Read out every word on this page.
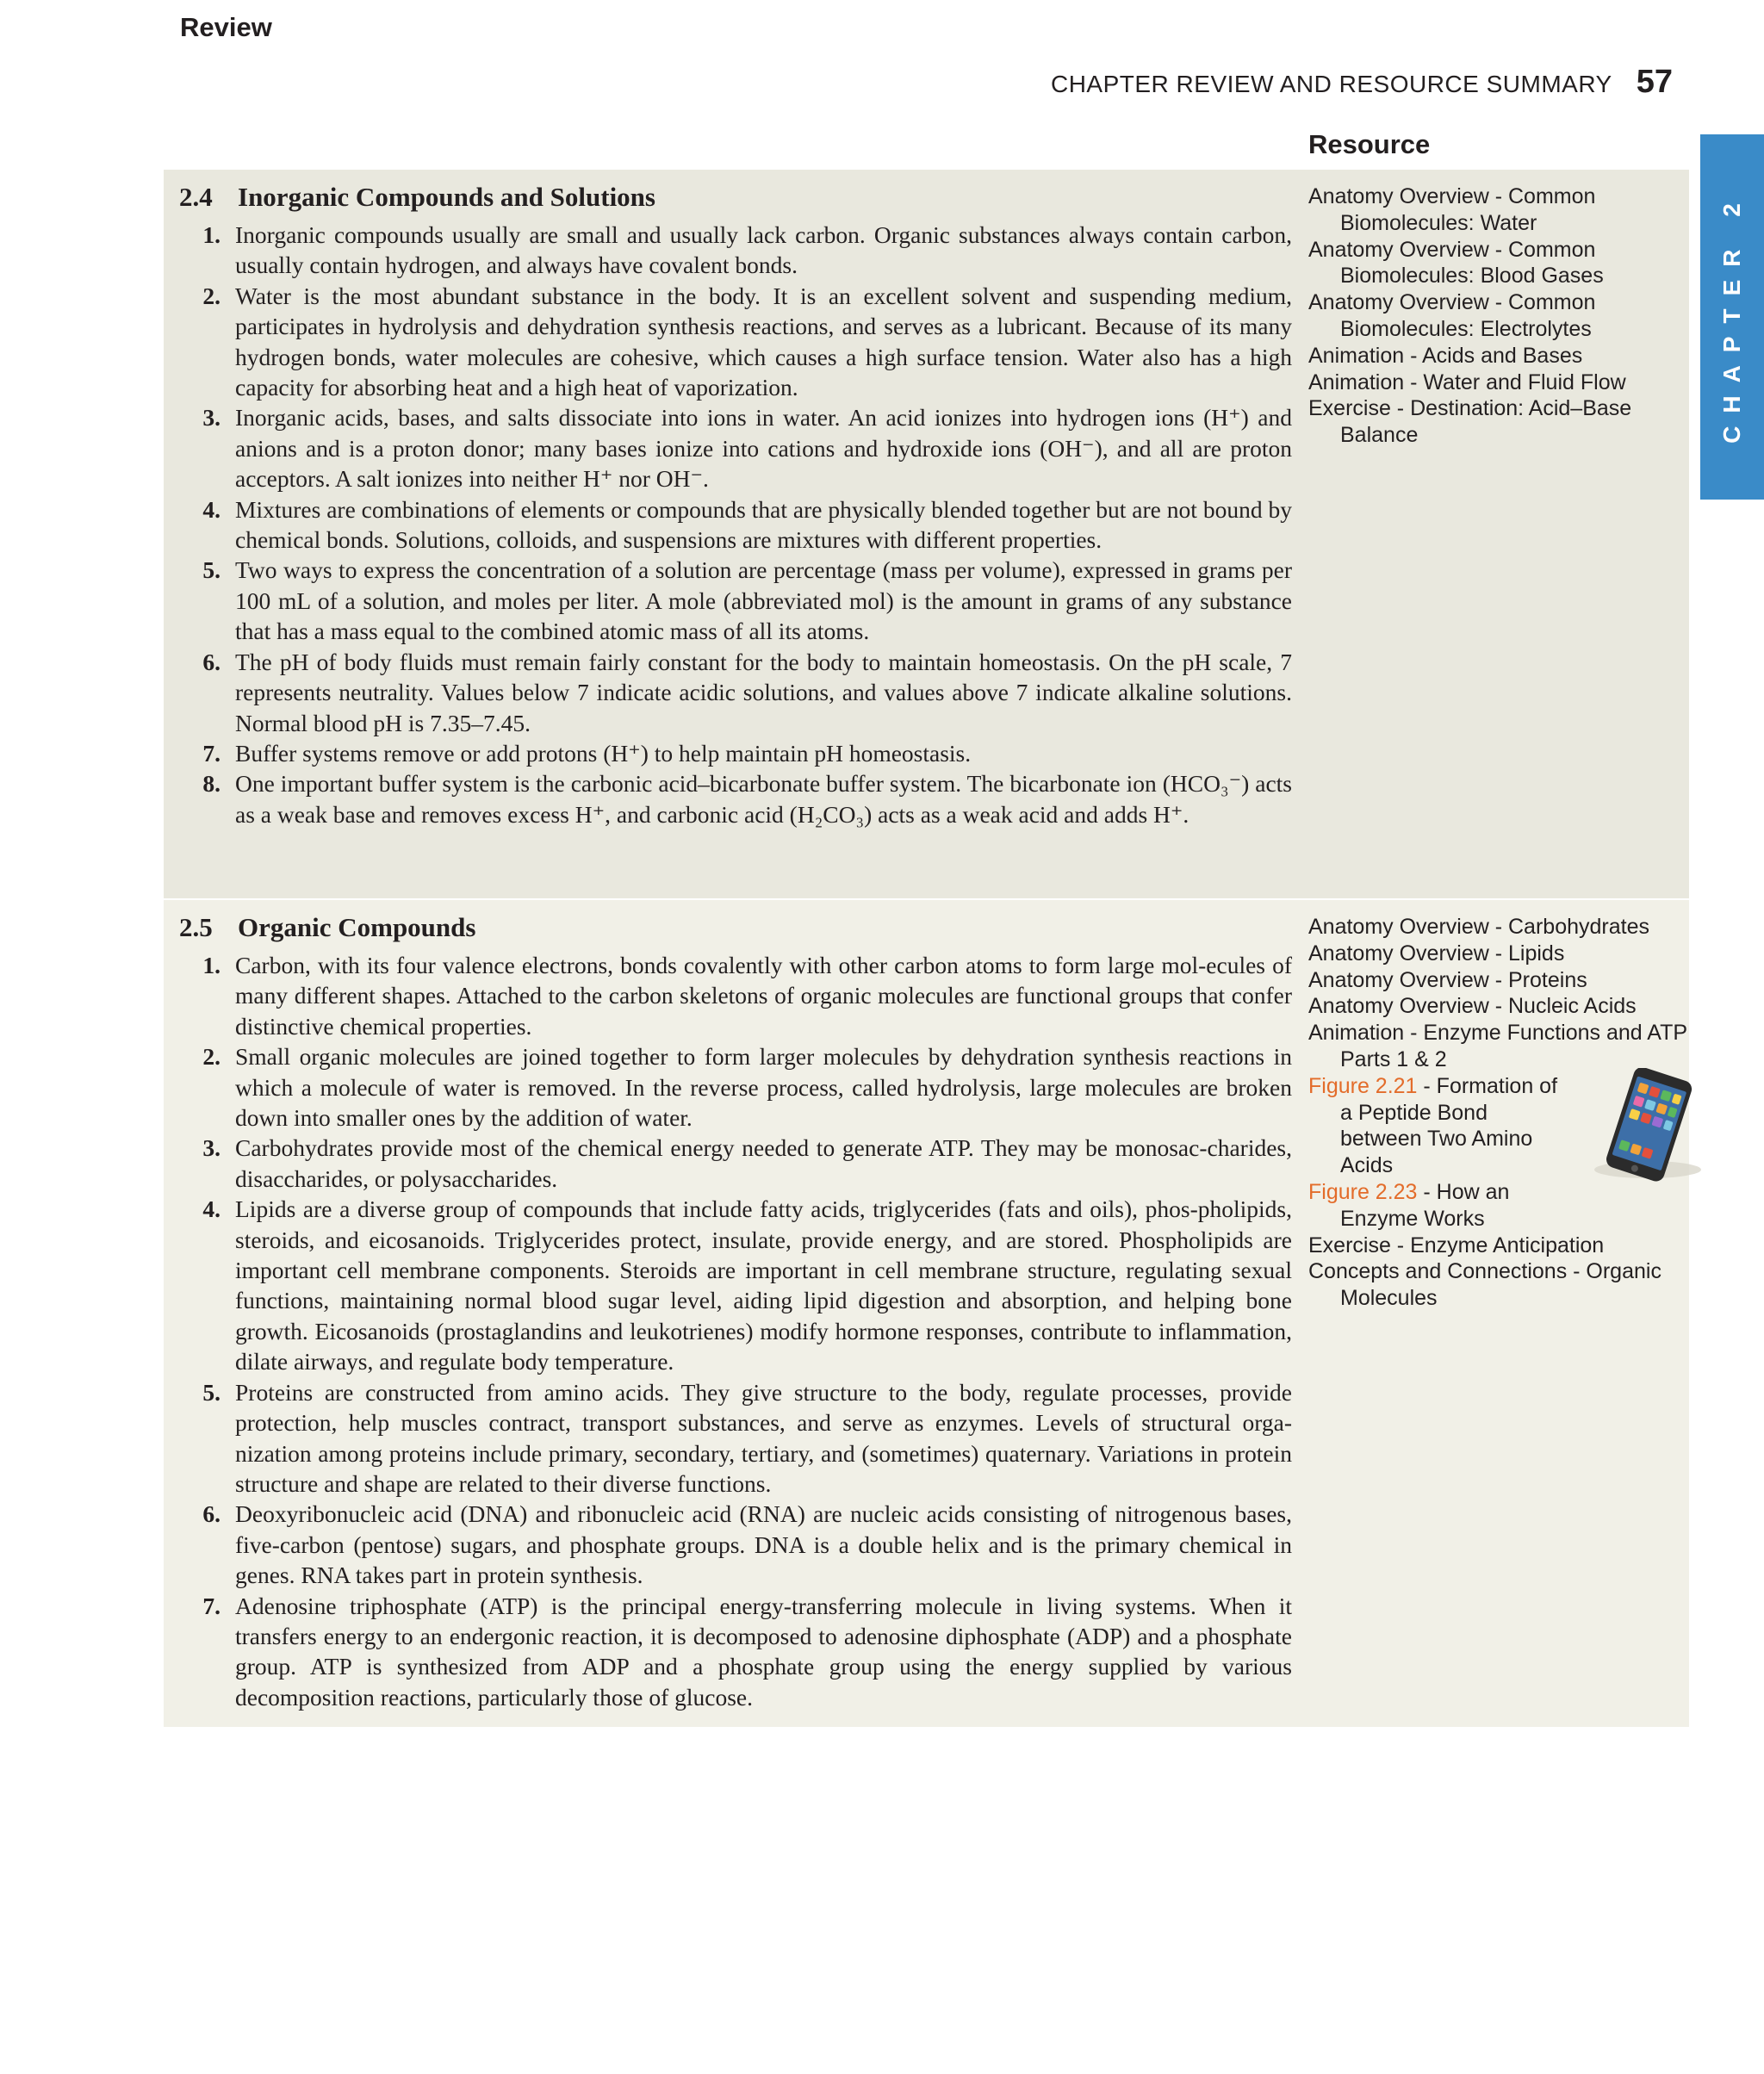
CHAPTER REVIEW AND RESOURCE SUMMARY 57
Review
Resource
CHAPTER 2
2.4 Inorganic Compounds and Solutions
1. Inorganic compounds usually are small and usually lack carbon. Organic substances always contain carbon, usually contain hydrogen, and always have covalent bonds.
2. Water is the most abundant substance in the body. It is an excellent solvent and suspending medium, participates in hydrolysis and dehydration synthesis reactions, and serves as a lubricant. Because of its many hydrogen bonds, water molecules are cohesive, which causes a high surface tension. Water also has a high capacity for absorbing heat and a high heat of vaporization.
3. Inorganic acids, bases, and salts dissociate into ions in water. An acid ionizes into hydrogen ions (H⁺) and anions and is a proton donor; many bases ionize into cations and hydroxide ions (OH⁻), and all are proton acceptors. A salt ionizes into neither H⁺ nor OH⁻.
4. Mixtures are combinations of elements or compounds that are physically blended together but are not bound by chemical bonds. Solutions, colloids, and suspensions are mixtures with different properties.
5. Two ways to express the concentration of a solution are percentage (mass per volume), expressed in grams per 100 mL of a solution, and moles per liter. A mole (abbreviated mol) is the amount in grams of any substance that has a mass equal to the combined atomic mass of all its atoms.
6. The pH of body fluids must remain fairly constant for the body to maintain homeostasis. On the pH scale, 7 represents neutrality. Values below 7 indicate acidic solutions, and values above 7 indicate alkaline solutions. Normal blood pH is 7.35–7.45.
7. Buffer systems remove or add protons (H⁺) to help maintain pH homeostasis.
8. One important buffer system is the carbonic acid–bicarbonate buffer system. The bicarbonate ion (HCO₃⁻) acts as a weak base and removes excess H⁺, and carbonic acid (H₂CO₃) acts as a weak acid and adds H⁺.
Anatomy Overview - Common Biomolecules: Water
Anatomy Overview - Common Biomolecules: Blood Gases
Anatomy Overview - Common Biomolecules: Electrolytes
Animation - Acids and Bases
Animation - Water and Fluid Flow
Exercise - Destination: Acid–Base Balance
2.5 Organic Compounds
1. Carbon, with its four valence electrons, bonds covalently with other carbon atoms to form large mol-ecules of many different shapes. Attached to the carbon skeletons of organic molecules are functional groups that confer distinctive chemical properties.
2. Small organic molecules are joined together to form larger molecules by dehydration synthesis reactions in which a molecule of water is removed. In the reverse process, called hydrolysis, large molecules are broken down into smaller ones by the addition of water.
3. Carbohydrates provide most of the chemical energy needed to generate ATP. They may be monosac-charides, disaccharides, or polysaccharides.
4. Lipids are a diverse group of compounds that include fatty acids, triglycerides (fats and oils), phos-pholipids, steroids, and eicosanoids. Triglycerides protect, insulate, provide energy, and are stored. Phospholipids are important cell membrane components. Steroids are important in cell membrane structure, regulating sexual functions, maintaining normal blood sugar level, aiding lipid digestion and absorption, and helping bone growth. Eicosanoids (prostaglandins and leukotrienes) modify hormone responses, contribute to inflammation, dilate airways, and regulate body temperature.
5. Proteins are constructed from amino acids. They give structure to the body, regulate processes, provide protection, help muscles contract, transport substances, and serve as enzymes. Levels of structural orga-nization among proteins include primary, secondary, tertiary, and (sometimes) quaternary. Variations in protein structure and shape are related to their diverse functions.
6. Deoxyribonucleic acid (DNA) and ribonucleic acid (RNA) are nucleic acids consisting of nitrogenous bases, five-carbon (pentose) sugars, and phosphate groups. DNA is a double helix and is the primary chemical in genes. RNA takes part in protein synthesis.
7. Adenosine triphosphate (ATP) is the principal energy-transferring molecule in living systems. When it transfers energy to an endergonic reaction, it is decomposed to adenosine diphosphate (ADP) and a phosphate group. ATP is synthesized from ADP and a phosphate group using the energy supplied by various decomposition reactions, particularly those of glucose.
Anatomy Overview - Carbohydrates
Anatomy Overview - Lipids
Anatomy Overview - Proteins
Anatomy Overview - Nucleic Acids
Animation - Enzyme Functions and ATP Parts 1 & 2
Figure 2.21 - Formation of a Peptide Bond between Two Amino Acids
Figure 2.23 - How an Enzyme Works
Exercise - Enzyme Anticipation
Concepts and Connections - Organic Molecules
